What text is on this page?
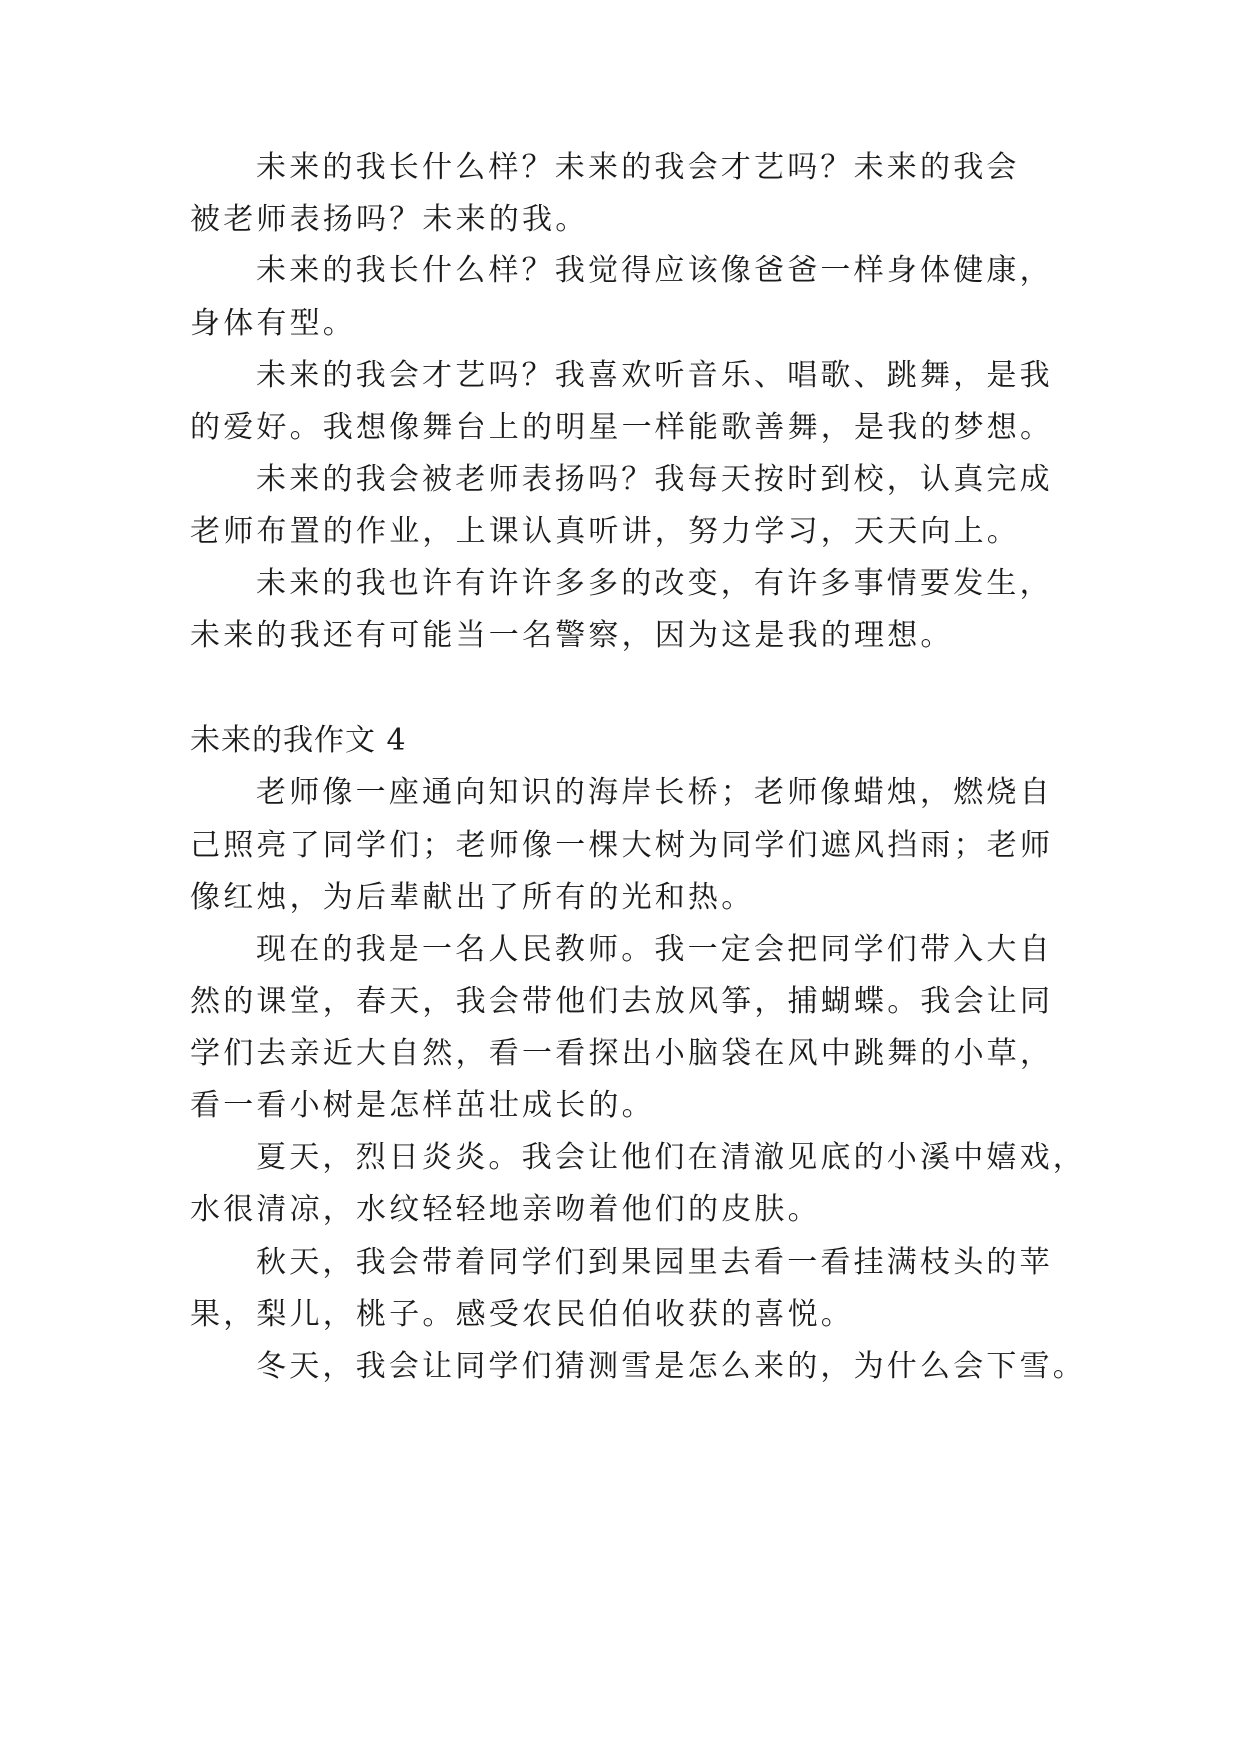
未来的我长什么样？未来的我会才艺吗？未来的我会
被老师表扬吗？未来的我。
未来的我长什么样？我觉得应该像爸爸一样身体健康，
身体有型。
未来的我会才艺吗？我喜欢听音乐、唱歌、跳舞，是我
的爱好。我想像舞台上的明星一样能歌善舞，是我的梦想。
未来的我会被老师表扬吗？我每天按时到校，认真完成
老师布置的作业，上课认真听讲，努力学习，天天向上。
未来的我也许有许许多多的改变，有许多事情要发生，
未来的我还有可能当一名警察，因为这是我的理想。
未来的我作文 4
老师像一座通向知识的海岸长桥；老师像蜡烛，燃烧自
己照亮了同学们；老师像一棵大树为同学们遮风挡雨；老师
像红烛，为后辈献出了所有的光和热。
现在的我是一名人民教师。我一定会把同学们带入大自
然的课堂，春天，我会带他们去放风筝，捕蝴蝶。我会让同
学们去亲近大自然，看一看探出小脑袋在风中跳舞的小草，
看一看小树是怎样茁壮成长的。
夏天，烈日炎炎。我会让他们在清澈见底的小溪中嬉戏，
水很清凉，水纹轻轻地亲吻着他们的皮肤。
秋天，我会带着同学们到果园里去看一看挂满枝头的苹
果，梨儿，桃子。感受农民伯伯收获的喜悦。
冬天，我会让同学们猜测雪是怎么来的，为什么会下雪。
